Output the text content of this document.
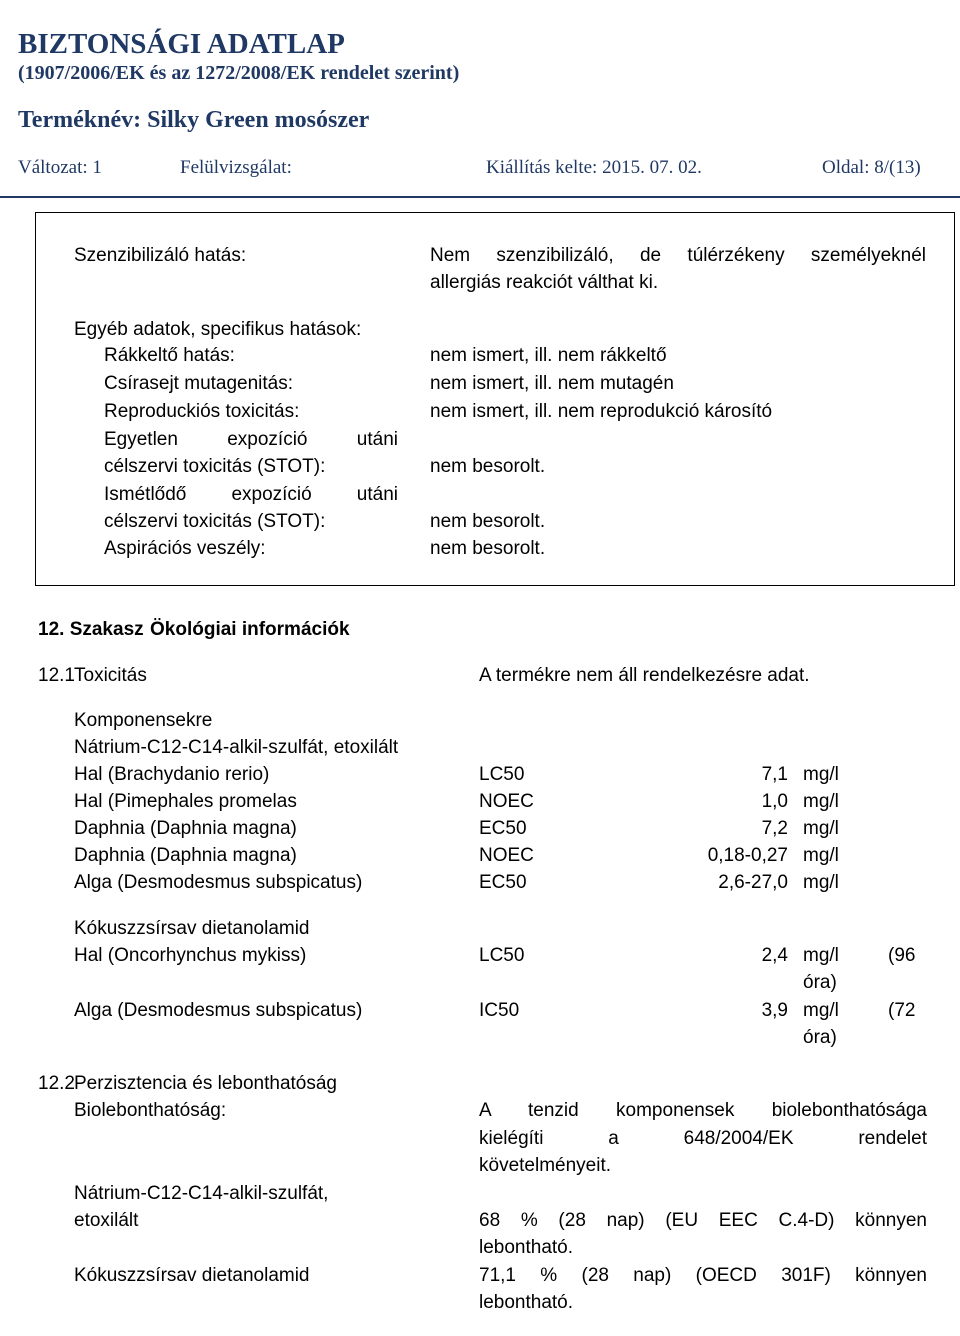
BIZTONSÁGI ADATLAP
(1907/2006/EK és az 1272/2008/EK rendelet szerint)
Terméknév: Silky Green mosószer
Változat: 1	Felülvizsgálat:	Kiállítás kelte: 2015. 07. 02.	Oldal: 8/(13)
Szenzibilizáló hatás:	Nem szenzibilizáló, de túlérzékeny személyeknél
allergiás reakciót válthat ki.
Egyéb adatok, specifikus hatások:
Rákkeltő hatás:	nem ismert, ill. nem rákkeltő
Csírasejt mutagenitás:	nem ismert, ill. nem mutagén
Reproduckiós toxicitás:	nem ismert, ill. nem reprodukció károsító
Egyetlen expozíció utáni
célszervi toxicitás (STOT):	nem besorolt.
Ismétlődő expozíció utáni
célszervi toxicitás (STOT):	nem besorolt.
Aspirációs veszély:	nem besorolt.
12. Szakasz Ökológiai információk
12.1 Toxicitás	A termékre nem áll rendelkezésre adat.
Komponensekre
Nátrium-C12-C14-alkil-szulfát, etoxilált
Hal (Brachydanio rerio)	LC50	7,1 mg/l
Hal (Pimephales promelas	NOEC	1,0 mg/l
Daphnia (Daphnia magna)	EC50	7,2 mg/l
Daphnia (Daphnia magna)	NOEC	0,18-0,27 mg/l
Alga (Desmodesmus subspicatus)	EC50	2,6-27,0 mg/l
Kókuszzsírsav dietanolamid
Hal (Oncorhynchus mykiss)	LC50	2,4 mg/l	(96
óra)
Alga (Desmodesmus subspicatus)	IC50	3,9 mg/l	(72
óra)
12.2 Perzisztencia és lebonthatóság
Biolebonthatóság:	A tenzid komponensek biolebonthatósága
kielégíti a 648/2004/EK rendelet
követelményeit.
Nátrium-C12-C14-alkil-szulfát,
etoxilált	68 % (28 nap) (EU EEC C.4-D) könnyen
lebontható.
Kókuszzsírsav dietanolamid	71,1 % (28 nap) (OECD 301F) könnyen
lebontható.
